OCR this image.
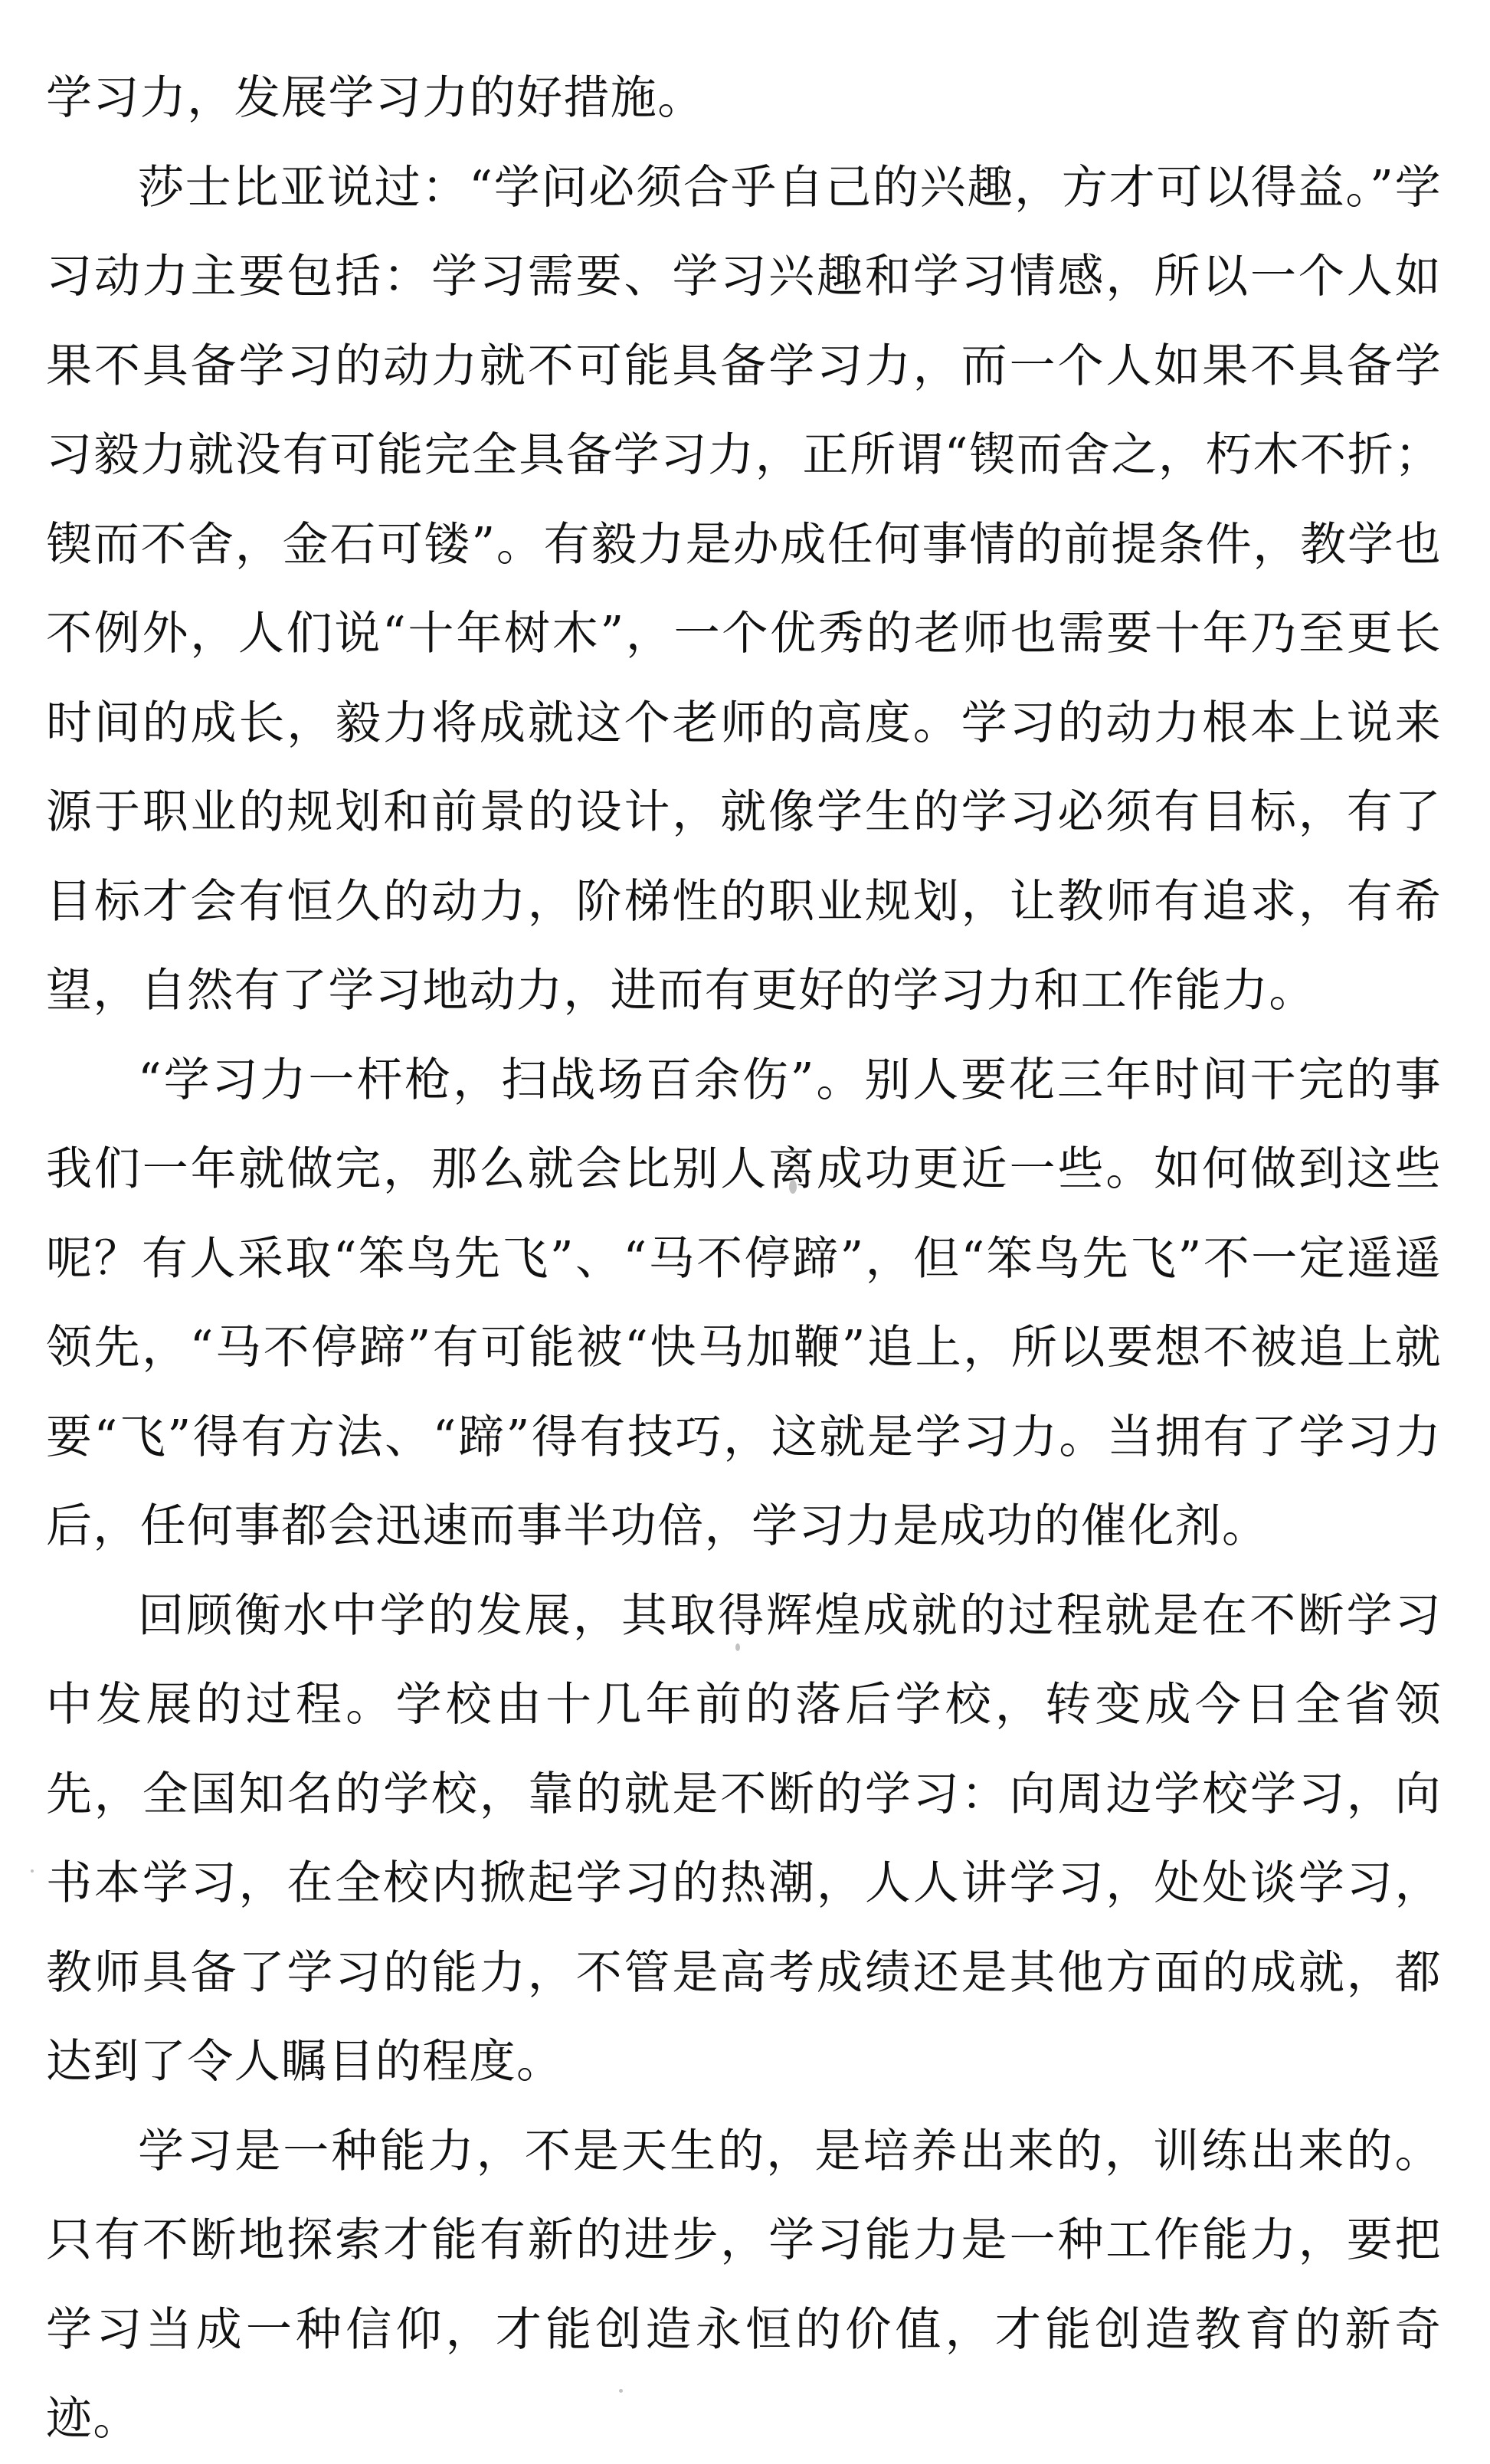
学习力，发展学习力的好措施。

莎士比亚说过：“学问必须合乎自己的兴趣，方才可以得益。”学习动力主要包括：学习需要、学习兴趣和学习情感，所以一个人如果不具备学习的动力就不可能具备学习力，而一个人如果不具备学习毅力就没有可能完全具备学习力，正所谓“锲而舍之，朽木不折；锲而不舍，金石可镂”。有毅力是办成任何事情的前提条件，教学也不例外，人们说“十年树木”，一个优秀的老师也需要十年乃至更长时间的成长，毅力将成就这个老师的高度。学习的动力根本上说来源于职业的规划和前景的设计，就像学生的学习必须有目标，有了目标才会有恒久的动力，阶梯性的职业规划，让教师有追求，有希望，自然有了学习地动力，进而有更好的学习力和工作能力。

“学习力一杆枪，扫战场百余伤”。别人要花三年时间干完的事我们一年就做完，那么就会比别人离成功更近一些。如何做到这些呢？有人采取“笨鸟先飞”、“马不停蹄”，但“笨鸟先飞”不一定遥遥领先，“马不停蹄”有可能被“快马加鞭”追上，所以要想不被追上就要“飞”得有方法、“蹄”得有技巧，这就是学习力。当拥有了学习力后，任何事都会迅速而事半功倍，学习力是成功的催化剂。

回顾衡水中学的发展，其取得辉煌成就的过程就是在不断学习中发展的过程。学校由十几年前的落后学校，转变成今日全省领先，全国知名的学校，靠的就是不断的学习：向周边学校学习，向书本学习，在全校内掀起学习的热潮，人人讲学习，处处谈学习，教师具备了学习的能力，不管是高考成绩还是其他方面的成就，都达到了令人瞩目的程度。

学习是一种能力，不是天生的，是培养出来的，训练出来的。只有不断地探索才能有新的进步，学习能力是一种工作能力，要把学习当成一种信仰，才能创造永恒的价值，才能创造教育的新奇迹。
